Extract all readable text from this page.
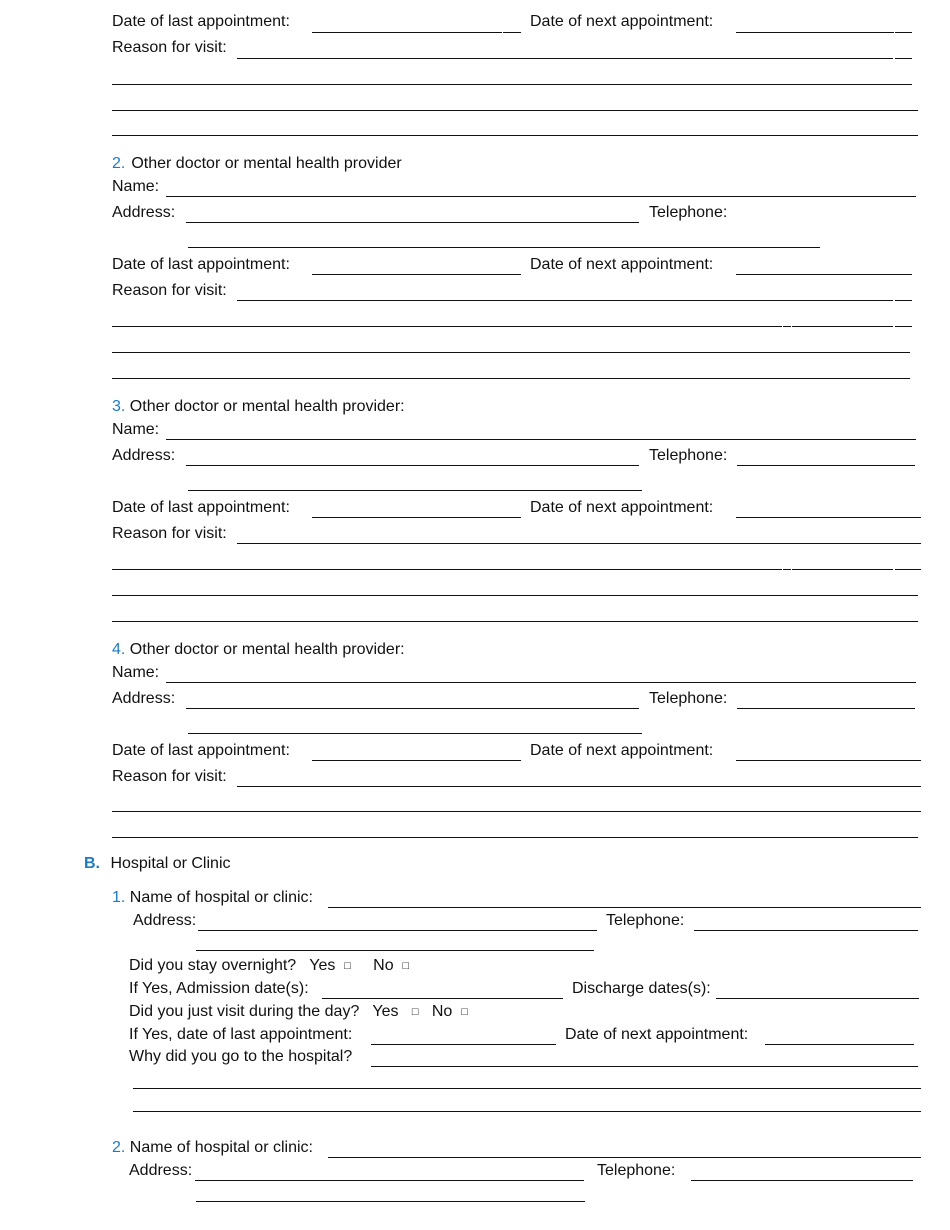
Date of last appointment:	Date of next appointment:
Reason for visit:
2. Other doctor or mental health provider
Name:
Address:	Telephone:
Date of last appointment:	Date of next appointment:
Reason for visit:
3. Other doctor or mental health provider:
Name:
Address:	Telephone:
Date of last appointment:	Date of next appointment:
Reason for visit:
4. Other doctor or mental health provider:
Name:
Address:	Telephone:
Date of last appointment:	Date of next appointment:
Reason for visit:
B. Hospital or Clinic
1. Name of hospital or clinic:
Address:	Telephone:
Did you stay overnight? Yes □ No □
If Yes, Admission date(s):	Discharge dates(s):
Did you just visit during the day? Yes □ No □
If Yes, date of last appointment:	Date of next appointment:
Why did you go to the hospital?
2. Name of hospital or clinic:
Address:	Telephone:
